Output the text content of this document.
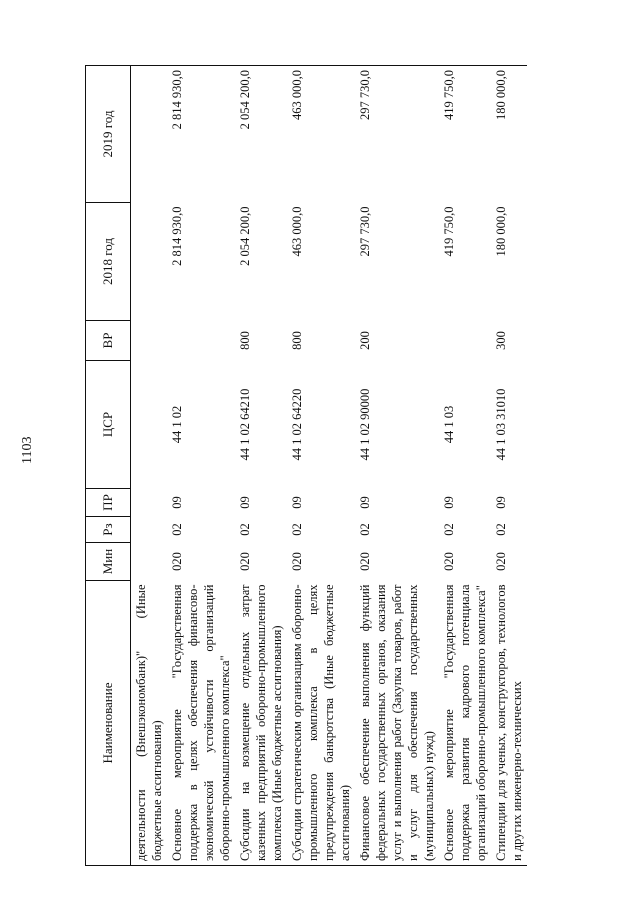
1103
Наименование	Мин	Рз	ПР	ЦСР	ВР	2018 год	2019 год
деятельности (Внешэкономбанк)" (Иные бюджетные ассигнования)							
Основное мероприятие "Государственная поддержка в целях обеспечения финансово-экономической устойчивости организаций оборонно-промышленного комплекса"	020	02	09	44 1 02		2 814 930,0	2 814 930,0
Субсидии на возмещение отдельных затрат казенных предприятий оборонно-промышленного комплекса (Иные бюджетные ассигнования)	020	02	09	44 1 02 64210	800	2 054 200,0	2 054 200,0
Субсидии стратегическим организациям оборонно-промышленного комплекса в целях предупреждения банкротства (Иные бюджетные ассигнования)	020	02	09	44 1 02 64220	800	463 000,0	463 000,0
Финансовое обеспечение выполнения функций федеральных государственных органов, оказания услуг и выполнения работ (Закупка товаров, работ и услуг для обеспечения государственных (муниципальных) нужд)	020	02	09	44 1 02 90000	200	297 730,0	297 730,0
Основное мероприятие "Государственная поддержка развития кадрового потенциала организаций оборонно-промышленного комплекса"	020	02	09	44 1 03		419 750,0	419 750,0
Стипендии для ученых, конструкторов, технологов и других инженерно-технических	020	02	09	44 1 03 31010	300	180 000,0	180 000,0
